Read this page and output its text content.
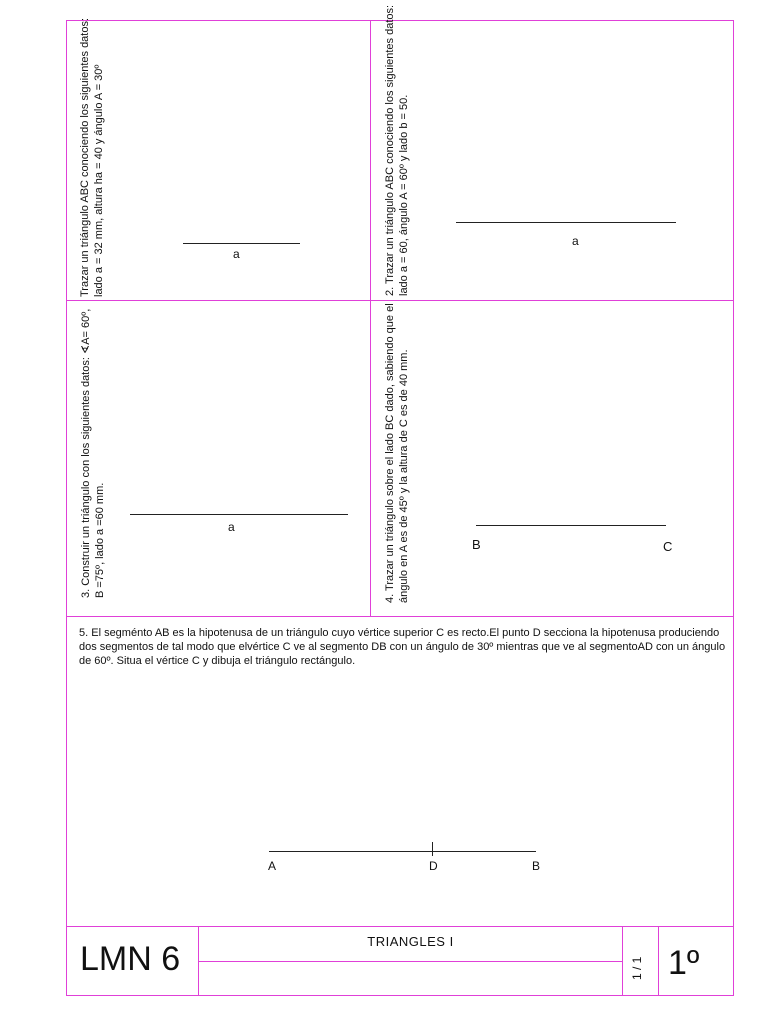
Trazar un triángulo ABC conociendo los siguientes datos: lado a = 32 mm, altura ha = 40 y ángulo A = 30º	a	2. Trazar un triángulo ABC conociendo los siguientes datos: lado a = 60, ángulo A = 60º y lado b = 50.	a
3. Construir un triángulo con los siguientes datos: ∢A= 60º, B =75º, lado a =60 mm.	a	4. Trazar un triángulo sobre el lado BC dado, sabiendo que el ángulo en A es de 45º y la altura de C es de 40 mm.	B	C
5. El segménto AB es la hipotenusa de un triángulo cuyo vértice superior C es recto.El punto D secciona la hipotenusa produciendo dos segmentos de tal modo que elvértice C ve al segmento DB con un ángulo de 30º mientras que ve al segmentoAD con un ángulo de 60º. Situa el vértice C y dibuja el triángulo rectángulo.
A	D	B
LMN 6	TRIANGLES I
1 / 1 1º
